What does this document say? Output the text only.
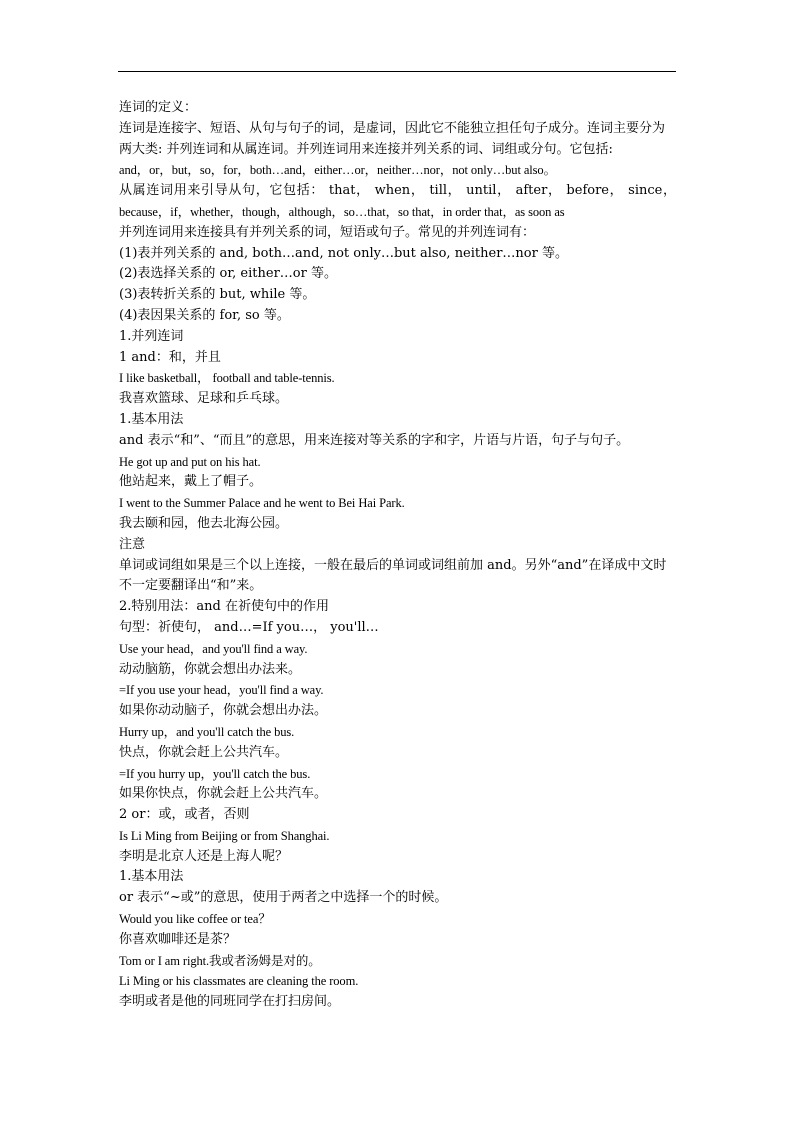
连词的定义：
连词是连接字、短语、从句与句子的词，是虚词，因此它不能独立担任句子成分。连词主要分为两大类: 并列连词和从属连词。并列连词用来连接并列关系的词、词组或分句。它包括:
and，or，but，so，for，both…and，either…or，neither…nor，not only…but also。
从属连词用来引导从句，它包括： that， when， till， until， after， before， since，
because，if，whether，though，although，so…that，so that，in order that，as soon as
并列连词用来连接具有并列关系的词，短语或句子。常见的并列连词有：
(1)表并列关系的 and, both…and, not only…but also, neither…nor 等。
(2)表选择关系的 or, either…or 等。
(3)表转折关系的 but, while 等。
(4)表因果关系的 for, so 等。
1.并列连词
1 and：和，并且
I like basketball， football and table-tennis.
我喜欢篮球、足球和乒乓球。
1.基本用法
and 表示“和”、“而且”的意思，用来连接对等关系的字和字，片语与片语，句子与句子。
He got up and put on his hat.
他站起来，戴上了帽子。
I went to the Summer Palace and he went to Bei Hai Park.
我去颐和园，他去北海公园。
注意
单词或词组如果是三个以上连接，一般在最后的单词或词组前加 and。另外“and”在译成中文时不一定要翻译出“和”来。
2.特别用法：and 在祈使句中的作用
句型：祈使句， and…=If you…， you'll…
Use your head，and you'll find a way.
动动脑筋，你就会想出办法来。
=If you use your head，you'll find a way.
如果你动动脑子，你就会想出办法。
Hurry up，and you'll catch the bus.
快点，你就会赶上公共汽车。
=If you hurry up，you'll catch the bus.
如果你快点，你就会赶上公共汽车。
2 or：或，或者，否则
Is Li Ming from Beijing or from Shanghai.
李明是北京人还是上海人呢？
1.基本用法
or 表示“~或”的意思，使用于两者之中选择一个的时候。
Would you like coffee or tea？
你喜欢咖啡还是茶？
Tom or I am right.我或者汤姆是对的。
Li Ming or his classmates are cleaning the room.
李明或者是他的同班同学在打扫房间。
